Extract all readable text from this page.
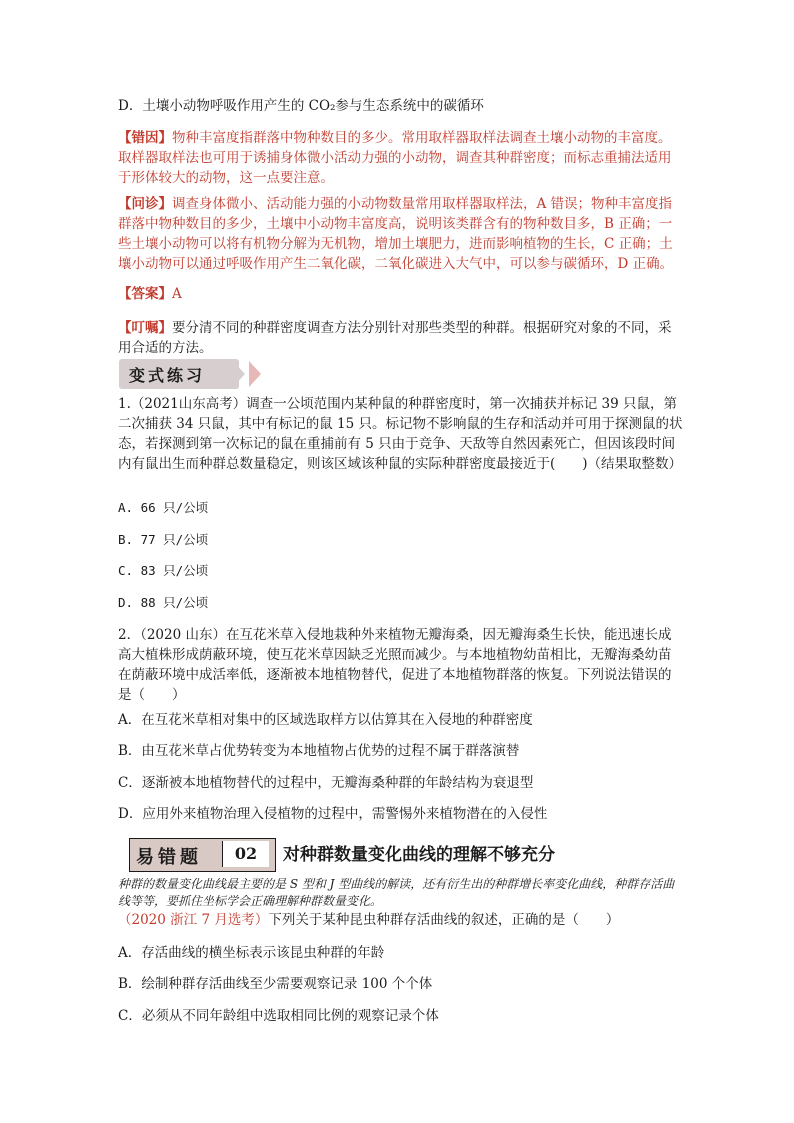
D．土壤小动物呼吸作用产生的 CO₂参与生态系统中的碳循环
【错因】物种丰富度指群落中物种数目的多少。常用取样器取样法调查土壤小动物的丰富度。取样器取样法也可用于诱捕身体微小活动力强的小动物，调查其种群密度；而标志重捕法适用于形体较大的动物，这一点要注意。
【问诊】调查身体微小、活动能力强的小动物数量常用取样器取样法，A 错误；物种丰富度指群落中物种数目的多少，土壤中小动物丰富度高，说明该类群含有的物种数目多，B 正确；一些土壤小动物可以将有机物分解为无机物，增加土壤肥力，进而影响植物的生长，C 正确；土壤小动物可以通过呼吸作用产生二氧化碳，二氧化碳进入大气中，可以参与碳循环，D 正确。
【答案】A
【叮嘱】要分清不同的种群密度调查方法分别针对那些类型的种群。根据研究对象的不同，采用合适的方法。
变式练习
1.（2021山东高考）调查一公顷范围内某种鼠的种群密度时，第一次捕获并标记 39 只鼠，第二次捕获 34 只鼠，其中有标记的鼠 15 只。标记物不影响鼠的生存和活动并可用于探测鼠的状态，若探测到第一次标记的鼠在重捕前有 5 只由于竞争、天敌等自然因素死亡，但因该段时间内有鼠出生而种群总数量稳定，则该区域该种鼠的实际种群密度最接近于(　　)（结果取整数）
A. 66 只/公顷
B. 77 只/公顷
C. 83 只/公顷
D. 88 只/公顷
2．（2020 山东）在互花米草入侵地栽种外来植物无瓣海桑，因无瓣海桑生长快，能迅速长成高大植株形成荫蔽环境，使互花米草因缺乏光照而减少。与本地植物幼苗相比，无瓣海桑幼苗在荫蔽环境中成活率低，逐渐被本地植物替代，促进了本地植物群落的恢复。下列说法错误的是（　　）
A．在互花米草相对集中的区域选取样方以估算其在入侵地的种群密度
B．由互花米草占优势转变为本地植物占优势的过程不属于群落演替
C．逐渐被本地植物替代的过程中，无瓣海桑种群的年龄结构为衰退型
D．应用外来植物治理入侵植物的过程中，需警惕外来植物潜在的入侵性
易错题	02	对种群数量变化曲线的理解不够充分
种群的数量变化曲线最主要的是 S 型和 J 型曲线的解读，还有衍生出的种群增长率变化曲线，种群存活曲线等等，要抓住坐标学会正确理解种群数量变化。
（2020 浙江 7 月选考）下列关于某种昆虫种群存活曲线的叙述，正确的是（　　）
A．存活曲线的横坐标表示该昆虫种群的年龄
B．绘制种群存活曲线至少需要观察记录 100 个个体
C．必须从不同年龄组中选取相同比例的观察记录个体
